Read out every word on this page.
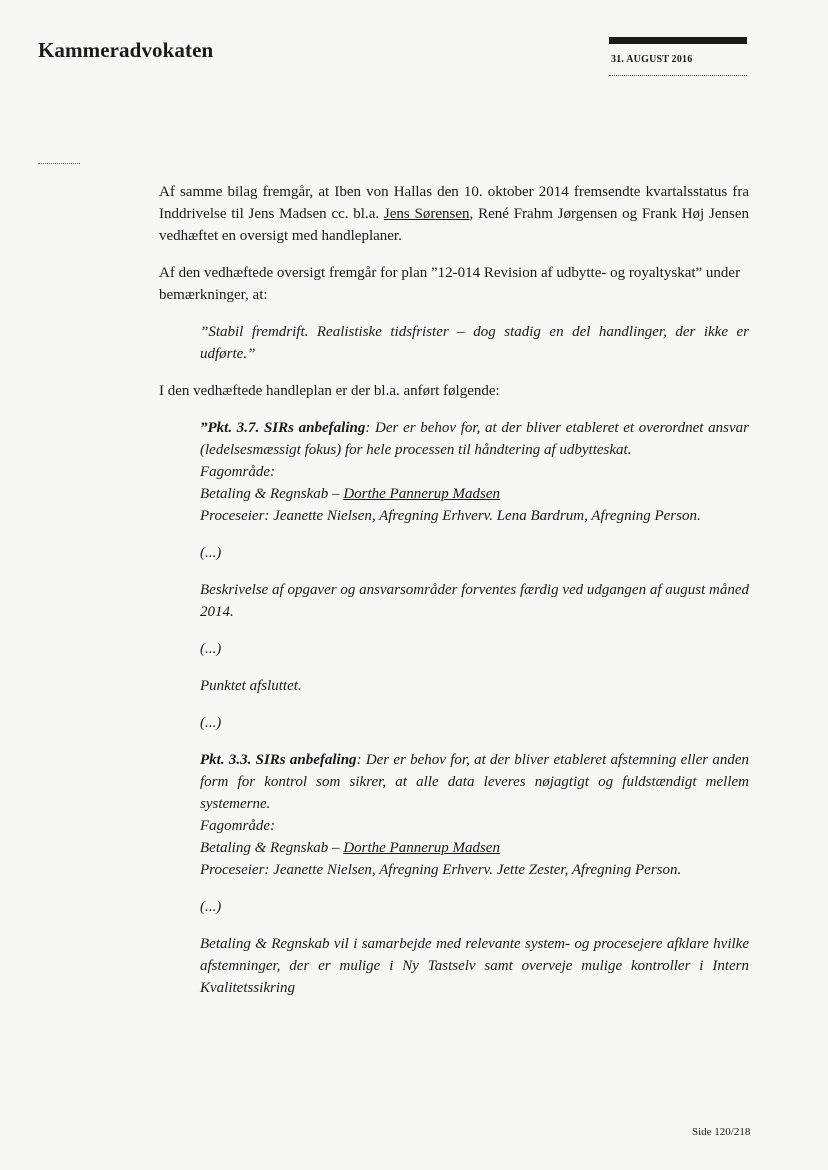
Kammeradvokaten	31. AUGUST 2016

Af samme bilag fremgår, at Iben von Hallas den 10. oktober 2014 fremsendte kvartalsstatus fra Inddrivelse til Jens Madsen cc. bl.a. Jens Sørensen, René Frahm Jørgensen og Frank Høj Jensen vedhæftet en oversigt med handleplaner.

Af den vedhæftede oversigt fremgår for plan ”12-014 Revision af udbytte- og royaltyskat” under bemærkninger, at:

”Stabil fremdrift. Realistiske tidsfrister – dog stadig en del handlinger, der ikke er udførte.”

I den vedhæftede handleplan er der bl.a. anført følgende:

”Pkt. 3.7. SIRs anbefaling: Der er behov for, at der bliver etableret et overordnet ansvar (ledelsesmæssigt fokus) for hele processen til håndtering af udbytteskat.
Fagområde:
Betaling & Regnskab – Dorthe Pannerup Madsen
Proceseier: Jeanette Nielsen, Afregning Erhverv. Lena Bardrum, Afregning Person.

(...)

Beskrivelse af opgaver og ansvarsområder forventes færdig ved udgangen af august måned 2014.

(...)

Punktet afsluttet.

(...)

Pkt. 3.3. SIRs anbefaling: Der er behov for, at der bliver etableret afstemning eller anden form for kontrol som sikrer, at alle data leveres nøjagtigt og fuldstændigt mellem systemerne.
Fagområde:
Betaling & Regnskab – Dorthe Pannerup Madsen
Proceseier: Jeanette Nielsen, Afregning Erhverv. Jette Zester, Afregning Person.

(...)

Betaling & Regnskab vil i samarbejde med relevante system- og procesejere afklare hvilke afstemninger, der er mulige i Ny Tastselv samt overveje mulige kontroller i Intern Kvalitetssikring

Side 120/218
